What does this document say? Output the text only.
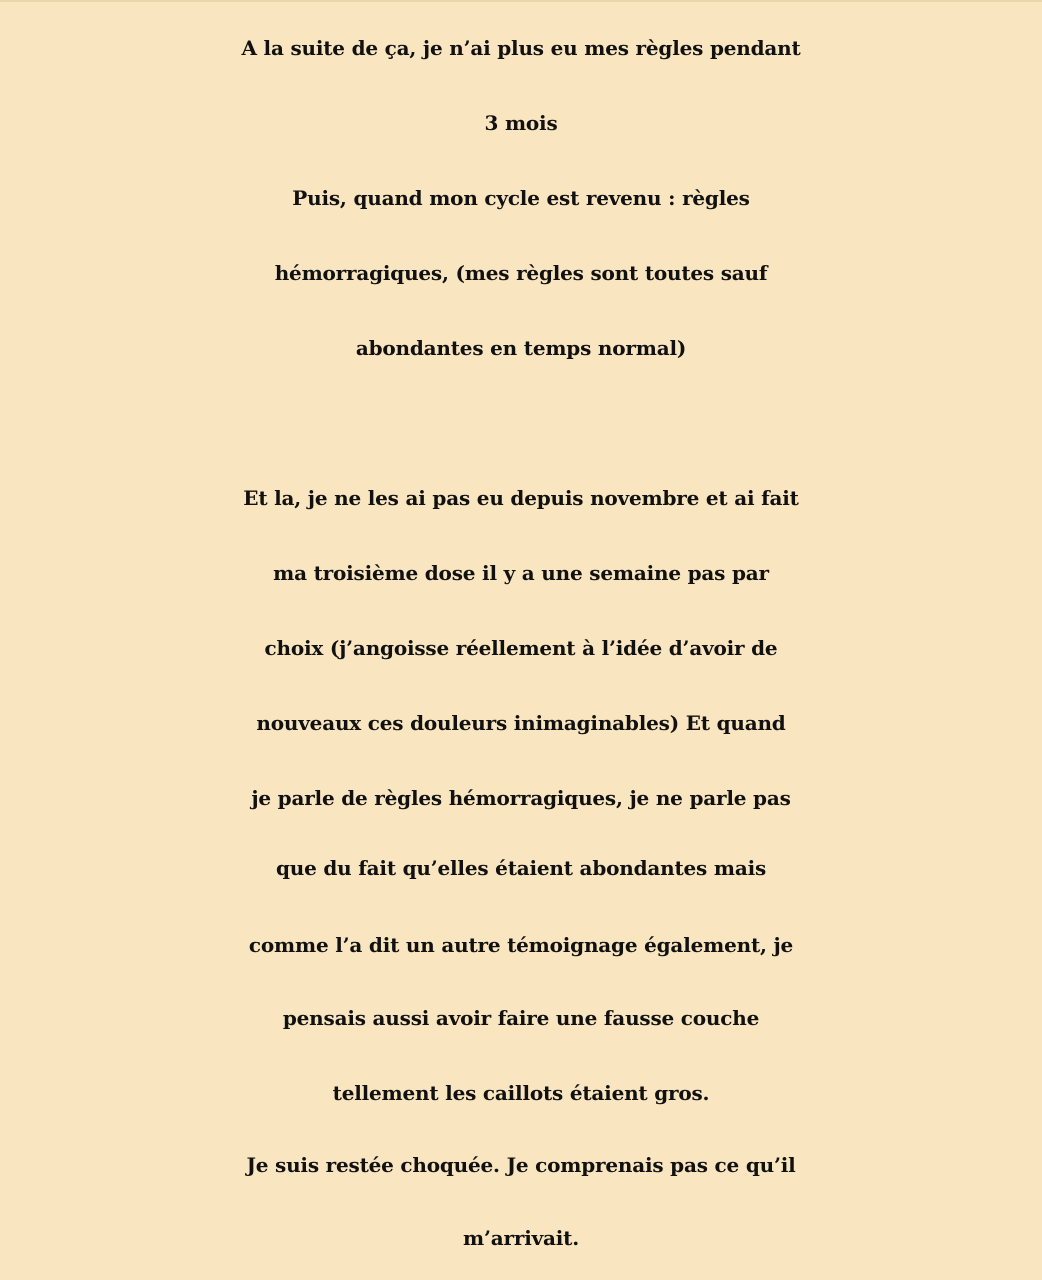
A la suite de ça, je n’ai plus eu mes règles pendant
3 mois
Puis, quand mon cycle est revenu : règles
hémorragiques, (mes règles sont toutes sauf
abondantes en temps normal)
Et la, je ne les ai pas eu depuis novembre et ai fait
ma troisième dose il y a une semaine pas par
choix (j’angoisse réellement à l’idée d’avoir de
nouveaux ces douleurs inimaginables) Et quand
je parle de règles hémorragiques, je ne parle pas
que du fait qu’elles étaient abondantes mais
comme l’a dit un autre témoignage également, je
pensais aussi avoir faire une fausse couche
tellement les caillots étaient gros.
Je suis restée choquée. Je comprenais pas ce qu’il
m’arrivait.
